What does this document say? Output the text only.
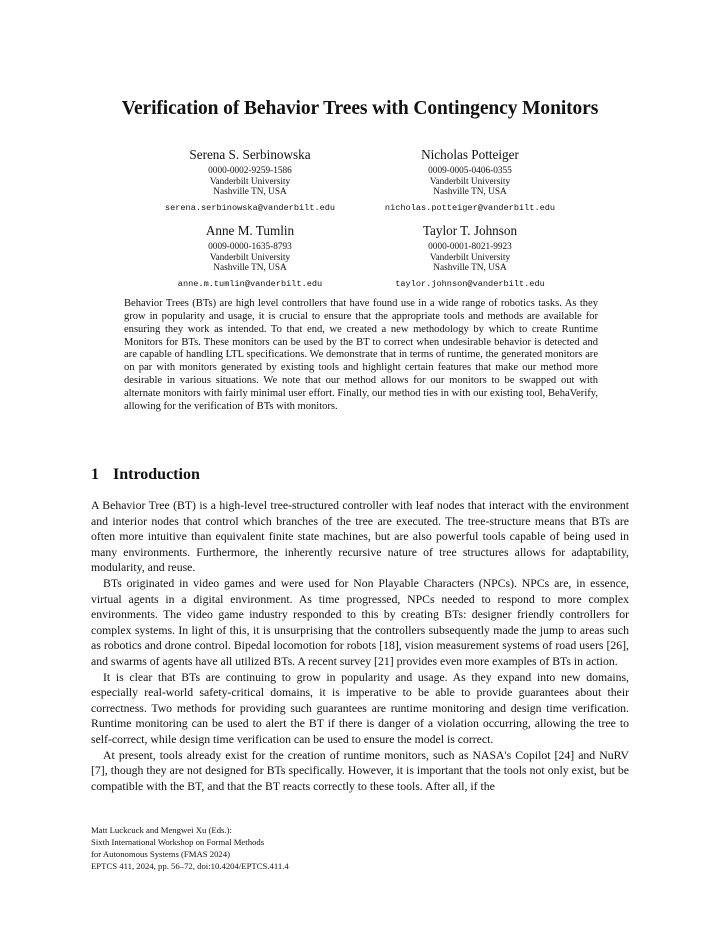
Verification of Behavior Trees with Contingency Monitors
Serena S. Serbinowska
0000-0002-9259-1586
Vanderbilt University
Nashville TN, USA
serena.serbinowska@vanderbilt.edu
Nicholas Potteiger
0009-0005-0406-0355
Vanderbilt University
Nashville TN, USA
nicholas.potteiger@vanderbilt.edu
Anne M. Tumlin
0009-0000-1635-8793
Vanderbilt University
Nashville TN, USA
anne.m.tumlin@vanderbilt.edu
Taylor T. Johnson
0000-0001-8021-9923
Vanderbilt University
Nashville TN, USA
taylor.johnson@vanderbilt.edu
Behavior Trees (BTs) are high level controllers that have found use in a wide range of robotics tasks. As they grow in popularity and usage, it is crucial to ensure that the appropriate tools and methods are available for ensuring they work as intended. To that end, we created a new methodology by which to create Runtime Monitors for BTs. These monitors can be used by the BT to correct when undesirable behavior is detected and are capable of handling LTL specifications. We demonstrate that in terms of runtime, the generated monitors are on par with monitors generated by existing tools and highlight certain features that make our method more desirable in various situations. We note that our method allows for our monitors to be swapped out with alternate monitors with fairly minimal user effort. Finally, our method ties in with our existing tool, BehaVerify, allowing for the verification of BTs with monitors.
1 Introduction

A Behavior Tree (BT) is a high-level tree-structured controller with leaf nodes that interact with the environment and interior nodes that control which branches of the tree are executed. The tree-structure means that BTs are often more intuitive than equivalent finite state machines, but are also powerful tools capable of being used in many environments. Furthermore, the inherently recursive nature of tree structures allows for adaptability, modularity, and reuse.

BTs originated in video games and were used for Non Playable Characters (NPCs). NPCs are, in essence, virtual agents in a digital environment. As time progressed, NPCs needed to respond to more complex environments. The video game industry responded to this by creating BTs: designer friendly controllers for complex systems. In light of this, it is unsurprising that the controllers subsequently made the jump to areas such as robotics and drone control. Bipedal locomotion for robots [18], vision measurement systems of road users [26], and swarms of agents have all utilized BTs. A recent survey [21] provides even more examples of BTs in action.

It is clear that BTs are continuing to grow in popularity and usage. As they expand into new domains, especially real-world safety-critical domains, it is imperative to be able to provide guarantees about their correctness. Two methods for providing such guarantees are runtime monitoring and design time verification. Runtime monitoring can be used to alert the BT if there is danger of a violation occurring, allowing the tree to self-correct, while design time verification can be used to ensure the model is correct.

At present, tools already exist for the creation of runtime monitors, such as NASA's Copilot [24] and NuRV [7], though they are not designed for BTs specifically. However, it is important that the tools not only exist, but be compatible with the BT, and that the BT reacts correctly to these tools. After all, if the

Matt Luckcuck and Mengwei Xu (Eds.):
Sixth International Workshop on Formal Methods
for Autonomous Systems (FMAS 2024)
EPTCS 411, 2024, pp. 56–72, doi:10.4204/EPTCS.411.4
